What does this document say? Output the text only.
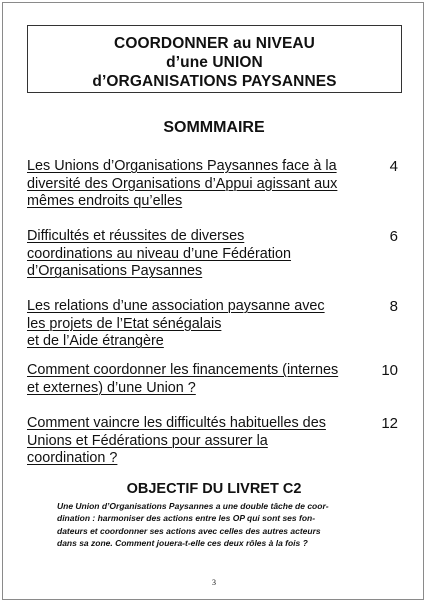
COORDONNER au NIVEAU
d’une UNION
d’ORGANISATIONS PAYSANNES
SOMMMAIRE
Les Unions d’Organisations Paysannes face à la
diversité des Organisations d’Appui agissant aux
mêmes endroits qu’elles
4
Difficultés et réussites de diverses
coordinations au niveau d’une Fédération
d’Organisations Paysannes
6
Les relations d’une association paysanne avec
les projets de l’Etat sénégalais
et de l’Aide étrangère
8
Comment coordonner les financements (internes
et externes) d’une Union ?
10
Comment vaincre les difficultés habituelles des
Unions et Fédérations pour assurer la
coordination ?
12
OBJECTIF DU LIVRET C2
Une Union d’Organisations Paysannes a une double tâche de coor-
dination : harmoniser des actions entre les OP qui sont ses fon-
dateurs et coordonner ses actions avec celles des autres acteurs
dans sa zone. Comment jouera-t-elle ces deux rôles à la fois ?
3
